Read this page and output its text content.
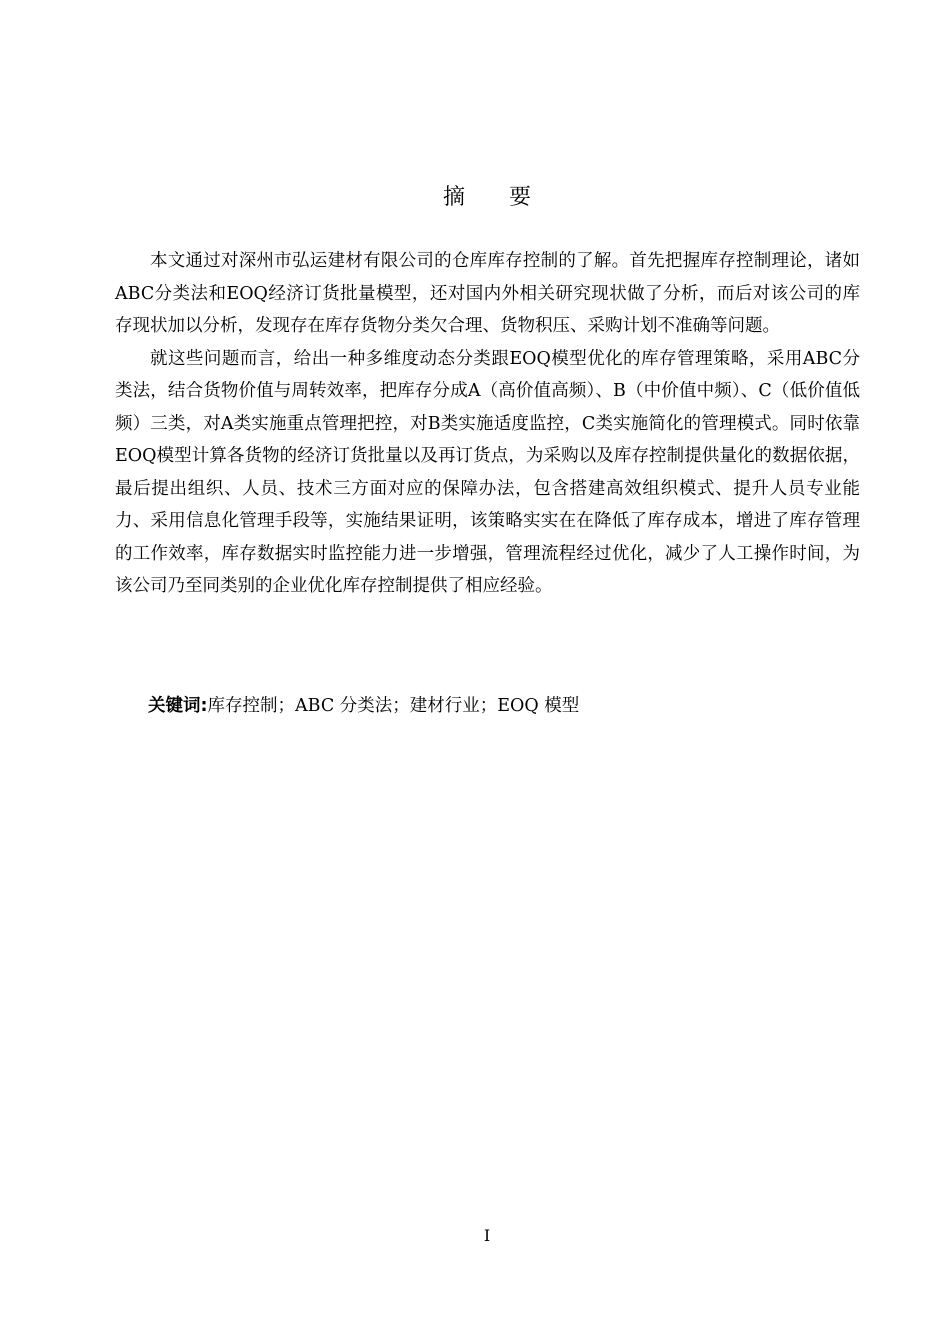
摘 要

本文通过对深州市弘运建材有限公司的仓库库存控制的了解。首先把握库存控制理论，诸如ABC分类法和EOQ经济订货批量模型，还对国内外相关研究现状做了分析，而后对该公司的库存现状加以分析，发现存在库存货物分类欠合理、货物积压、采购计划不准确等问题。

就这些问题而言，给出一种多维度动态分类跟EOQ模型优化的库存管理策略，采用ABC分类法，结合货物价值与周转效率，把库存分成A（高价值高频）、B（中价值中频）、C（低价值低频）三类，对A类实施重点管理把控，对B类实施适度监控，C类实施简化的管理模式。同时依靠EOQ模型计算各货物的经济订货批量以及再订货点，为采购以及库存控制提供量化的数据依据，最后提出组织、人员、技术三方面对应的保障办法，包含搭建高效组织模式、提升人员专业能力、采用信息化管理手段等，实施结果证明，该策略实实在在降低了库存成本，增进了库存管理的工作效率，库存数据实时监控能力进一步增强，管理流程经过优化，减少了人工操作时间，为该公司乃至同类别的企业优化库存控制提供了相应经验。

关键词:库存控制；ABC 分类法；建材行业；EOQ 模型
I
